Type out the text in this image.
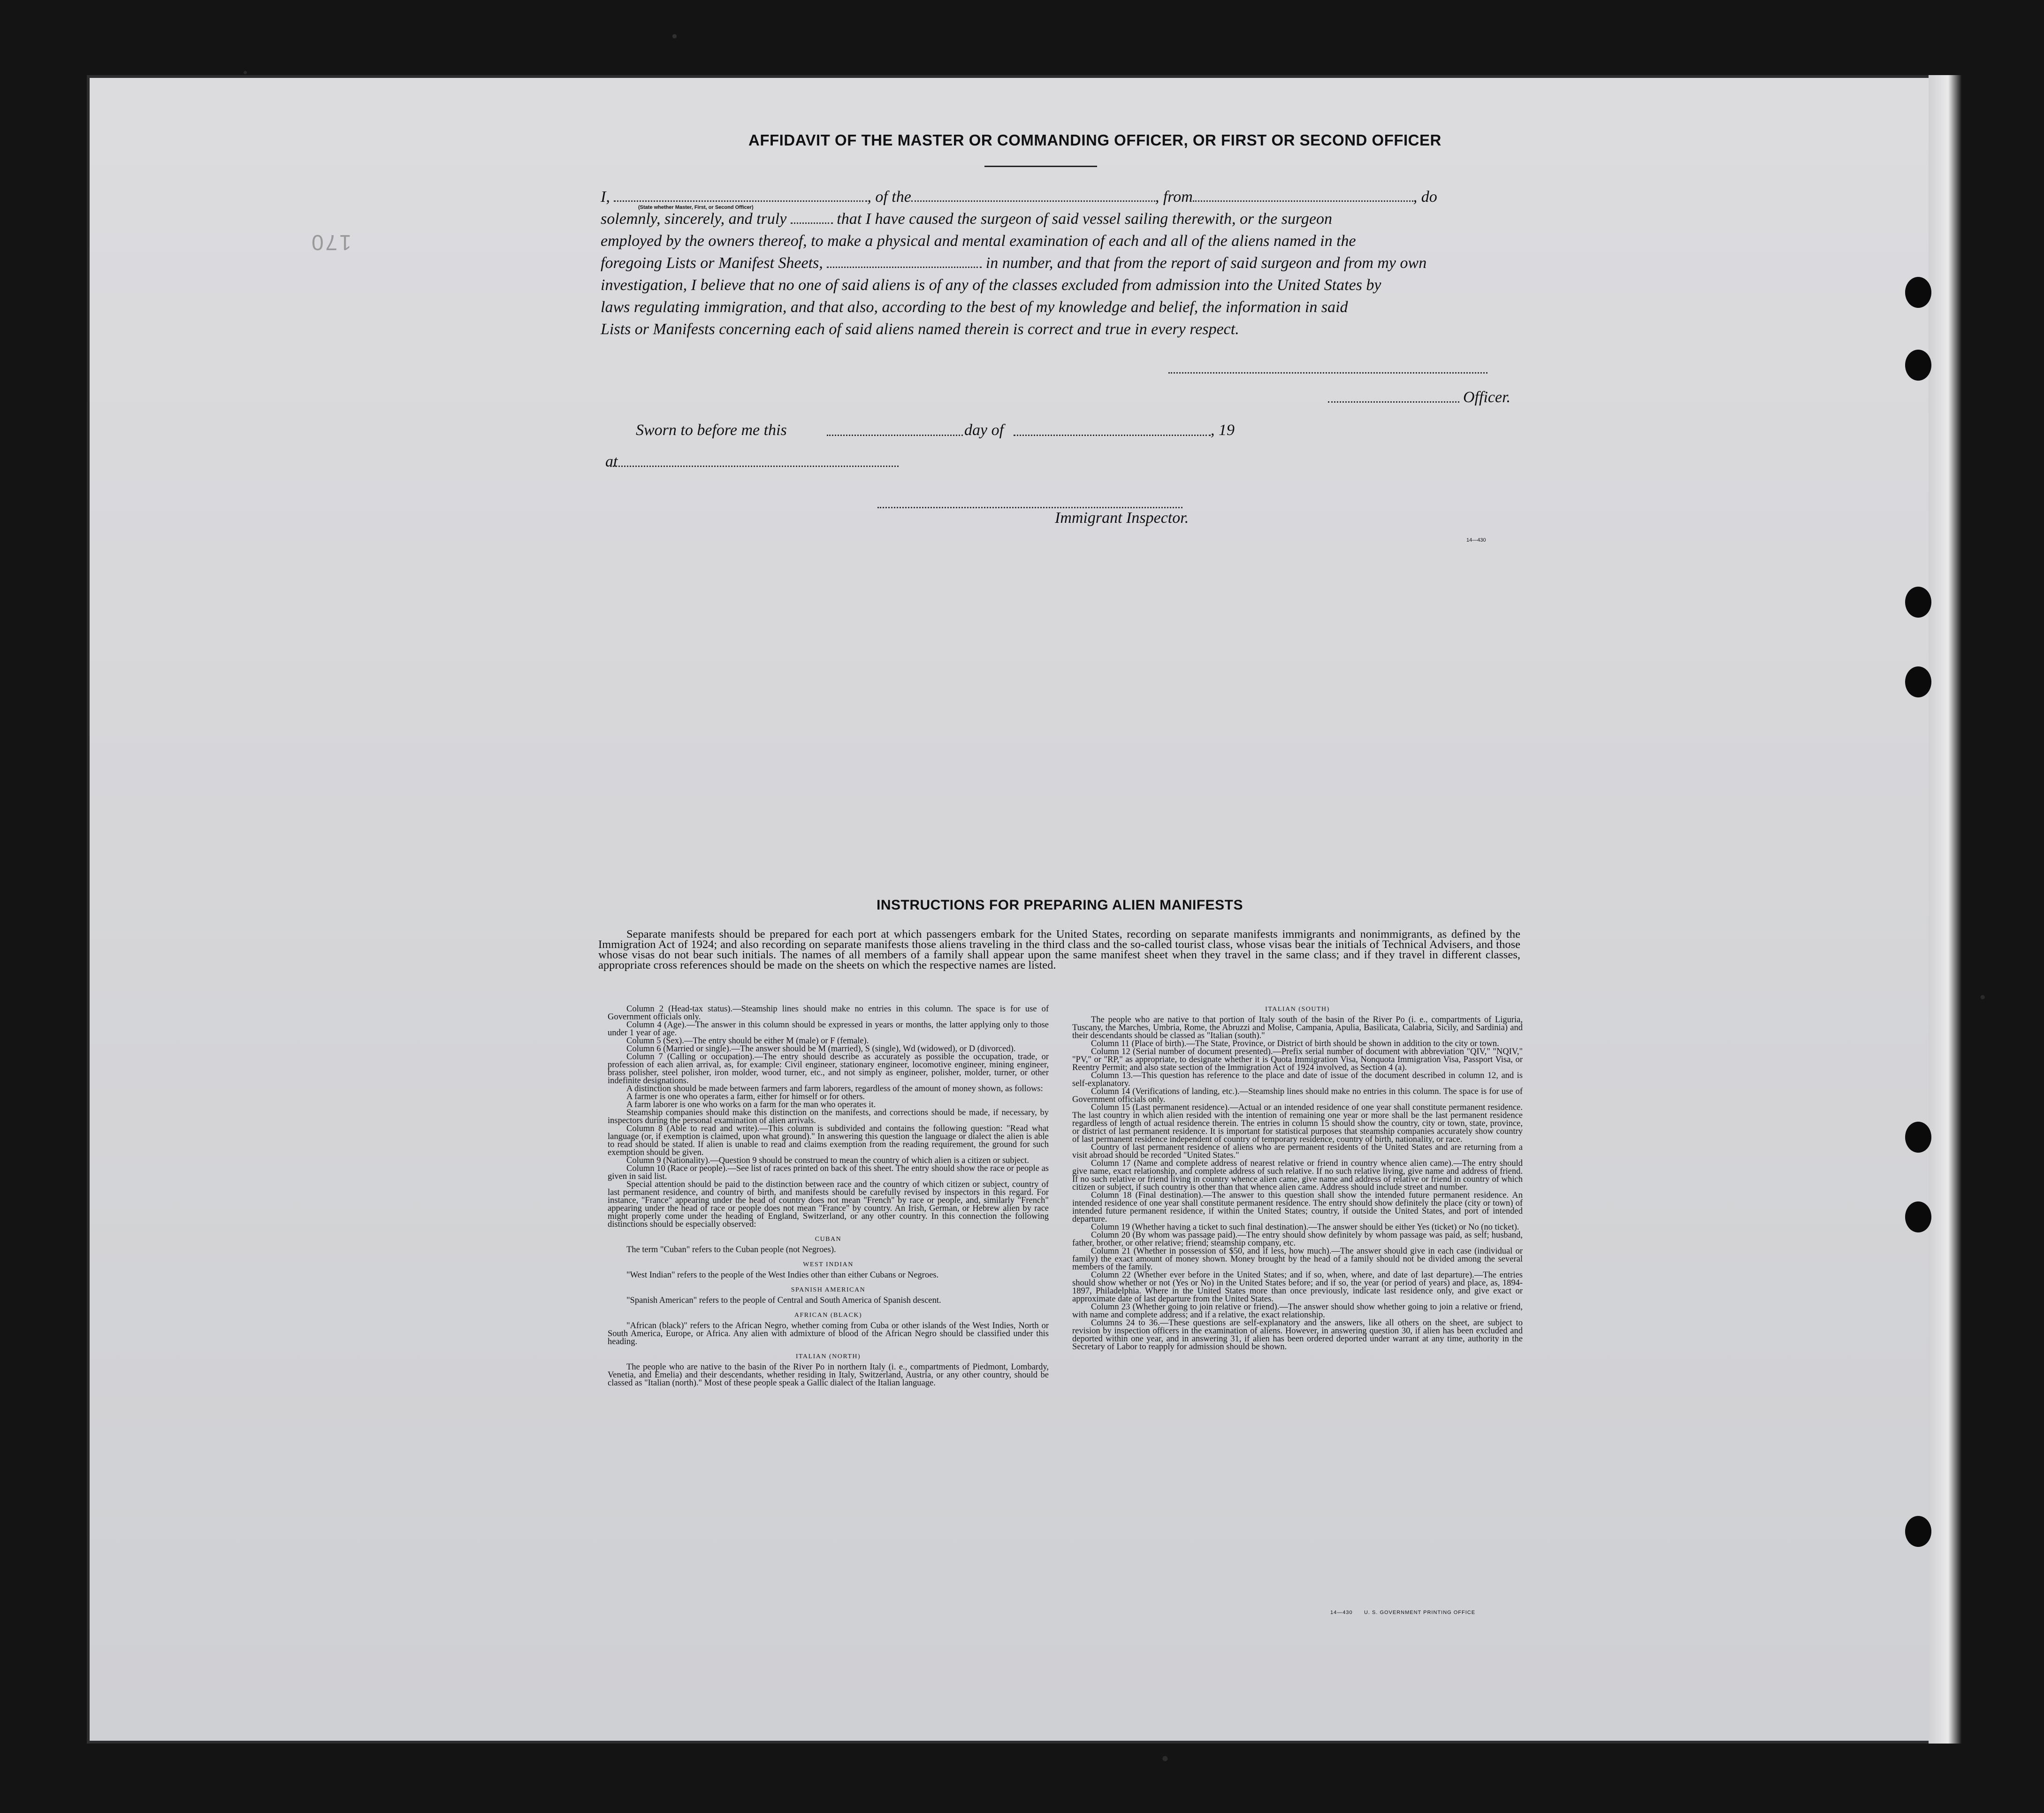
170
AFFIDAVIT OF THE MASTER OR COMMANDING OFFICER, OR FIRST OR SECOND OFFICER

I,	, of the	, from	, do

solemnly, sincerely, and truly	that I have caused the surgeon of said vessel sailing therewith, or the surgeon

employed by the owners thereof, to make a physical and mental examination of each and all of the aliens named in the

foregoing Lists or Manifest Sheets,	in number, and that from the report of said surgeon and from my own

investigation, I believe that no one of said aliens is of any of the classes excluded from admission into the United States by

laws regulating immigration, and that also, according to the best of my knowledge and belief, the information in said

Lists or Manifests concerning each of said aliens named therein is correct and true in every respect.

(State whether Master, First, or Second Officer)
Officer.
Sworn to before me this	day of	, 19
at
Immigrant Inspector.
14—430
INSTRUCTIONS FOR PREPARING ALIEN MANIFESTS
Separate manifests should be prepared for each port at which passengers embark for the United States, recording on separate manifests immigrants and nonimmigrants, as defined by the Immigration Act of 1924; and also recording on separate manifests those aliens traveling in the third class and the so-called tourist class, whose visas bear the initials of Technical Advisers, and those whose visas do not bear such initials. The names of all members of a family shall appear upon the same manifest sheet when they travel in the same class; and if they travel in different classes, appropriate cross references should be made on the sheets on which the respective names are listed.

Column 2 (Head-tax status).—Steamship lines should make no entries in this column. The space is for use of Government officials only.

Column 4 (Age).—The answer in this column should be expressed in years or months, the latter applying only to those under 1 year of age.

Column 5 (Sex).—The entry should be either M (male) or F (female).

Column 6 (Married or single).—The answer should be M (married), S (single), Wd (widowed), or D (divorced).

Column 7 (Calling or occupation).—The entry should describe as accurately as possible the occupation, trade, or profession of each alien arrival, as, for example: Civil engineer, stationary engineer, locomotive engineer, mining engineer, brass polisher, steel polisher, iron molder, wood turner, etc., and not simply as engineer, polisher, molder, turner, or other indefinite designations.

A distinction should be made between farmers and farm laborers, regardless of the amount of money shown, as follows:

A farmer is one who operates a farm, either for himself or for others.

A farm laborer is one who works on a farm for the man who operates it.

Steamship companies should make this distinction on the manifests, and corrections should be made, if necessary, by inspectors during the personal examination of alien arrivals.

Column 8 (Able to read and write).—This column is subdivided and contains the following question: "Read what language (or, if exemption is claimed, upon what ground)." In answering this question the language or dialect the alien is able to read should be stated. If alien is unable to read and claims exemption from the reading requirement, the ground for such exemption should be given.

Column 9 (Nationality).—Question 9 should be construed to mean the country of which alien is a citizen or subject.

Column 10 (Race or people).—See list of races printed on back of this sheet. The entry should show the race or people as given in said list.

Special attention should be paid to the distinction between race and the country of which citizen or subject, country of last permanent residence, and country of birth, and manifests should be carefully revised by inspectors in this regard. For instance, "France" appearing under the head of country does not mean "French" by race or people, and, similarly "French" appearing under the head of race or people does not mean "France" by country. An Irish, German, or Hebrew alien by race might properly come under the heading of England, Switzerland, or any other country. In this connection the following distinctions should be especially observed:

CUBAN

The term "Cuban" refers to the Cuban people (not Negroes).

WEST INDIAN

"West Indian" refers to the people of the West Indies other than either Cubans or Negroes.

SPANISH AMERICAN

"Spanish American" refers to the people of Central and South America of Spanish descent.

AFRICAN (BLACK)

"African (black)" refers to the African Negro, whether coming from Cuba or other islands of the West Indies, North or South America, Europe, or Africa. Any alien with admixture of blood of the African Negro should be classified under this heading.

ITALIAN (NORTH)

The people who are native to the basin of the River Po in northern Italy (i. e., compartments of Piedmont, Lombardy, Venetia, and Emelia) and their descendants, whether residing in Italy, Switzerland, Austria, or any other country, should be classed as "Italian (north)." Most of these people speak a Gallic dialect of the Italian language.

ITALIAN (SOUTH)

The people who are native to that portion of Italy south of the basin of the River Po (i. e., compartments of Liguria, Tuscany, the Marches, Umbria, Rome, the Abruzzi and Molise, Campania, Apulia, Basilicata, Calabria, Sicily, and Sardinia) and their descendants should be classed as "Italian (south)."

Column 11 (Place of birth).—The State, Province, or District of birth should be shown in addition to the city or town.

Column 12 (Serial number of document presented).—Prefix serial number of document with abbreviation "QIV," "NQIV," "PV," or "RP," as appropriate, to designate whether it is Quota Immigration Visa, Nonquota Immigration Visa, Passport Visa, or Reentry Permit; and also state section of the Immigration Act of 1924 involved, as Section 4 (a).

Column 13.—This question has reference to the place and date of issue of the document described in column 12, and is self-explanatory.

Column 14 (Verifications of landing, etc.).—Steamship lines should make no entries in this column. The space is for use of Government officials only.

Column 15 (Last permanent residence).—Actual or an intended residence of one year shall constitute permanent residence. The last country in which alien resided with the intention of remaining one year or more shall be the last permanent residence regardless of length of actual residence therein. The entries in column 15 should show the country, city or town, state, province, or district of last permanent residence. It is important for statistical purposes that steamship companies accurately show country of last permanent residence independent of country of temporary residence, country of birth, nationality, or race.

Country of last permanent residence of aliens who are permanent residents of the United States and are returning from a visit abroad should be recorded "United States."

Column 17 (Name and complete address of nearest relative or friend in country whence alien came).—The entry should give name, exact relationship, and complete address of such relative. If no such relative living, give name and address of friend. If no such relative or friend living in country whence alien came, give name and address of relative or friend in country of which citizen or subject, if such country is other than that whence alien came. Address should include street and number.

Column 18 (Final destination).—The answer to this question shall show the intended future permanent residence. An intended residence of one year shall constitute permanent residence. The entry should show definitely the place (city or town) of intended future permanent residence, if within the United States; country, if outside the United States, and port of intended departure.

Column 19 (Whether having a ticket to such final destination).—The answer should be either Yes (ticket) or No (no ticket).

Column 20 (By whom was passage paid).—The entry should show definitely by whom passage was paid, as self; husband, father, brother, or other relative; friend; steamship company, etc.

Column 21 (Whether in possession of $50, and if less, how much).—The answer should give in each case (individual or family) the exact amount of money shown. Money brought by the head of a family should not be divided among the several members of the family.

Column 22 (Whether ever before in the United States; and if so, when, where, and date of last departure).—The entries should show whether or not (Yes or No) in the United States before; and if so, the year (or period of years) and place, as, 1894-1897, Philadelphia. Where in the United States more than once previously, indicate last residence only, and give exact or approximate date of last departure from the United States.

Column 23 (Whether going to join relative or friend).—The answer should show whether going to join a relative or friend, with name and complete address; and if a relative, the exact relationship.

Columns 24 to 36.—These questions are self-explanatory and the answers, like all others on the sheet, are subject to revision by inspection officers in the examination of aliens. However, in answering question 30, if alien has been excluded and deported within one year, and in answering 31, if alien has been ordered deported under warrant at any time, authority in the Secretary of Labor to reapply for admission should be shown.

14—430 U. S. GOVERNMENT PRINTING OFFICE
